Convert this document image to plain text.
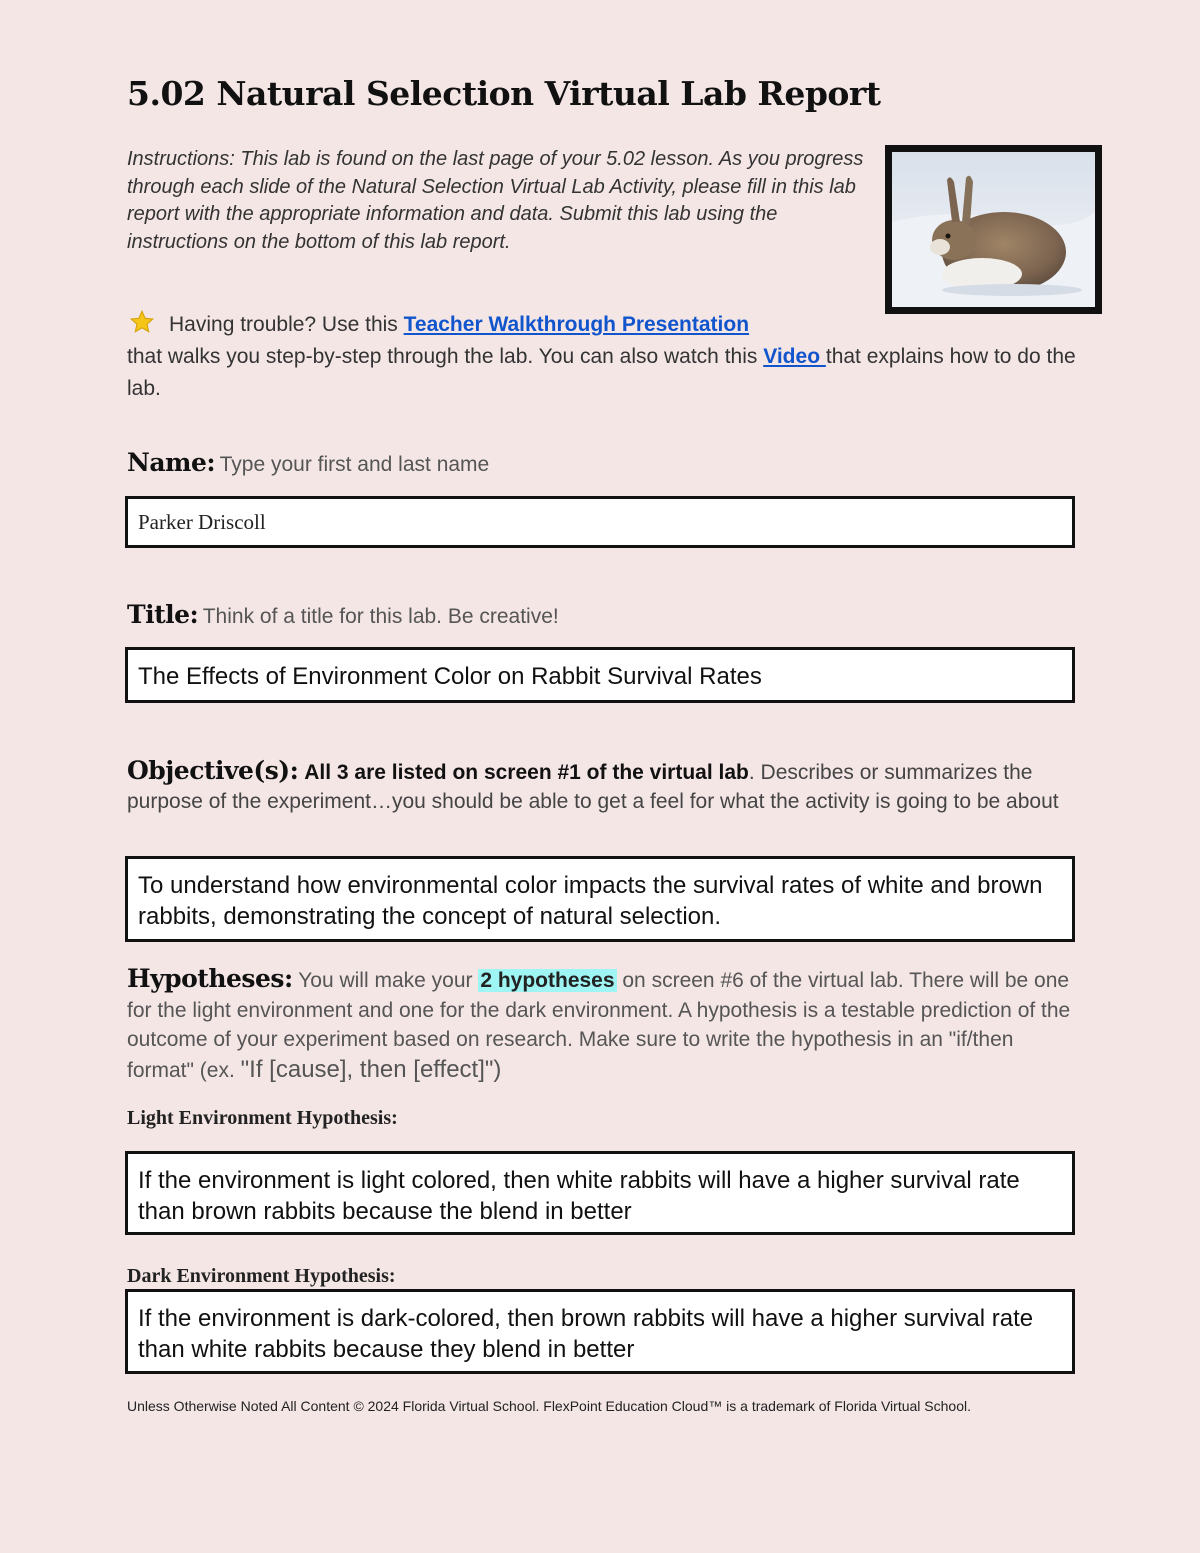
5.02 Natural Selection Virtual Lab Report

Instructions: This lab is found on the last page of your 5.02 lesson. As you progress through each slide of the Natural Selection Virtual Lab Activity, please fill in this lab report with the appropriate information and data. Submit this lab using the instructions on the bottom of this lab report.

Having trouble? Use this Teacher Walkthrough Presentation
that walks you step-by-step through the lab. You can also watch this Video that explains how to do the lab.
Name: Type your first and last name
Parker Driscoll
Title: Think of a title for this lab. Be creative!
The Effects of Environment Color on Rabbit Survival Rates
Objective(s): All 3 are listed on screen #1 of the virtual lab. Describes or summarizes the purpose of the experiment…you should be able to get a feel for what the activity is going to be about
To understand how environmental color impacts the survival rates of white and brown rabbits, demonstrating the concept of natural selection.
Hypotheses: You will make your 2 hypotheses on screen #6 of the virtual lab. There will be one for the light environment and one for the dark environment. A hypothesis is a testable prediction of the outcome of your experiment based on research. Make sure to write the hypothesis in an "if/then format" (ex. "If [cause], then [effect]")
Light Environment Hypothesis:
If the environment is light colored, then white rabbits will have a higher survival rate than brown rabbits because the blend in better
Dark Environment Hypothesis:
If the environment is dark-colored, then brown rabbits will have a higher survival rate than white rabbits because they blend in better
Unless Otherwise Noted All Content © 2024 Florida Virtual School. FlexPoint Education Cloud™ is a trademark of Florida Virtual School.
